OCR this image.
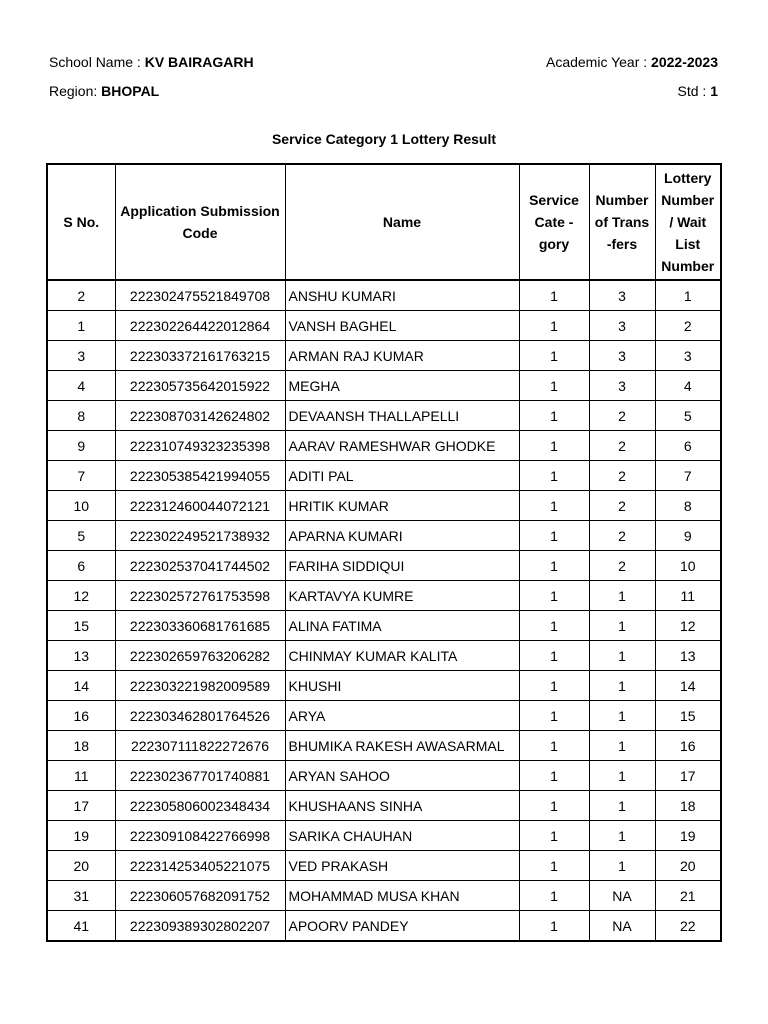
School Name : KV BAIRAGARH	Academic Year : 2022-2023
Region: BHOPAL	Std : 1
Service Category 1 Lottery Result
S No.	Application Submission Code	Name	Service Cate - gory	Number of Trans -fers	Lottery Number / Wait List Number
2	222302475521849708	ANSHU KUMARI	1	3	1
1	222302264422012864	VANSH BAGHEL	1	3	2
3	222303372161763215	ARMAN RAJ KUMAR	1	3	3
4	222305735642015922	MEGHA	1	3	4
8	222308703142624802	DEVAANSH THALLAPELLI	1	2	5
9	222310749323235398	AARAV RAMESHWAR GHODKE	1	2	6
7	222305385421994055	ADITI PAL	1	2	7
10	222312460044072121	HRITIK KUMAR	1	2	8
5	222302249521738932	APARNA KUMARI	1	2	9
6	222302537041744502	FARIHA SIDDIQUI	1	2	10
12	222302572761753598	KARTAVYA KUMRE	1	1	11
15	222303360681761685	ALINA FATIMA	1	1	12
13	222302659763206282	CHINMAY KUMAR KALITA	1	1	13
14	222303221982009589	KHUSHI	1	1	14
16	222303462801764526	ARYA	1	1	15
18	222307111822272676	BHUMIKA RAKESH AWASARMAL	1	1	16
11	222302367701740881	ARYAN SAHOO	1	1	17
17	222305806002348434	KHUSHAANS SINHA	1	1	18
19	222309108422766998	SARIKA CHAUHAN	1	1	19
20	222314253405221075	VED PRAKASH	1	1	20
31	222306057682091752	MOHAMMAD MUSA KHAN	1	NA	21
41	222309389302802207	APOORV PANDEY	1	NA	22
